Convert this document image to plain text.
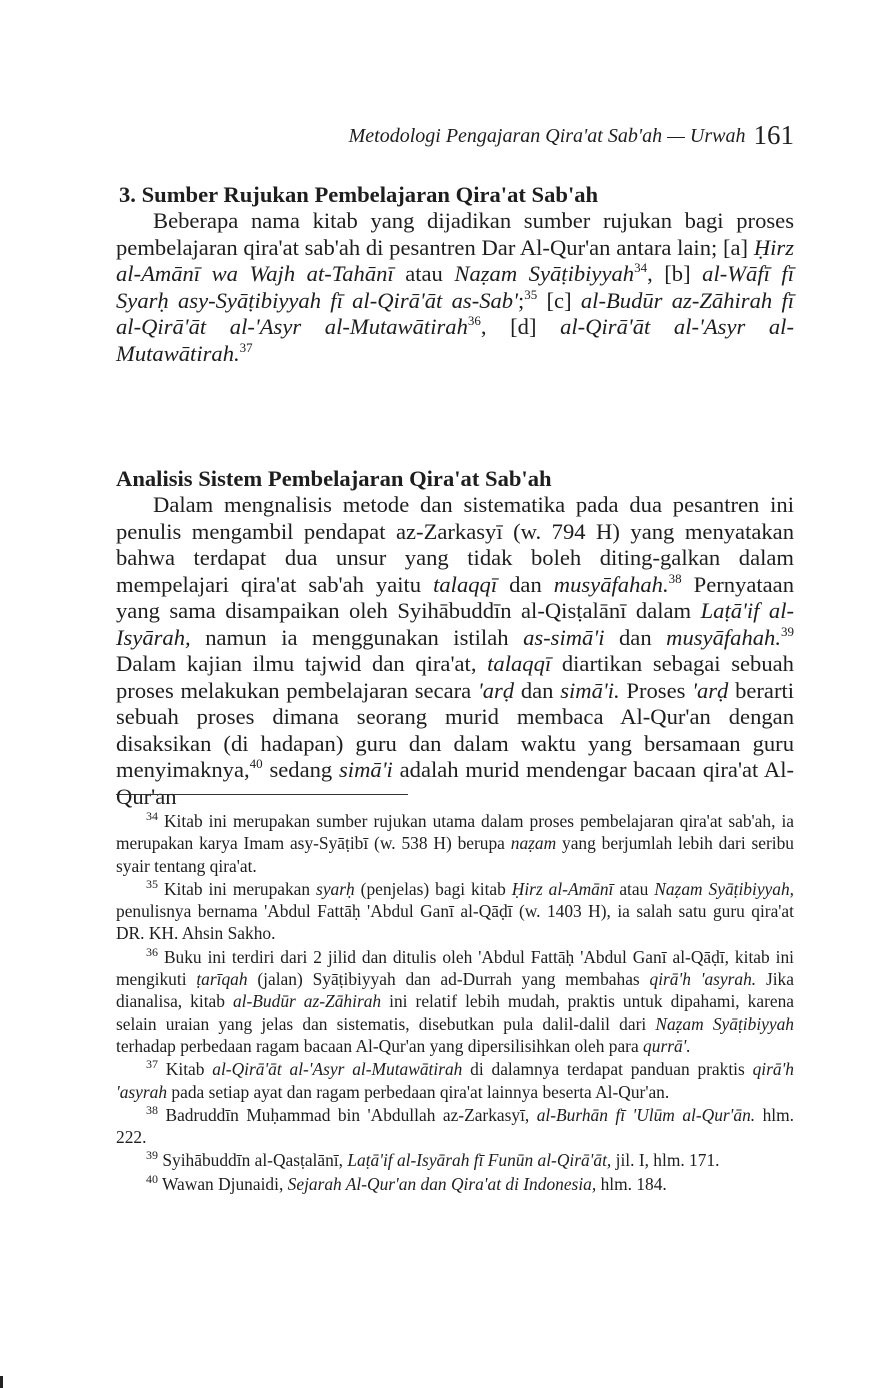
Metodologi Pengajaran Qira'at Sab'ah — Urwah 161

3. Sumber Rujukan Pembelajaran Qira'at Sab'ah

Beberapa nama kitab yang dijadikan sumber rujukan bagi proses pembelajaran qira'at sab'ah di pesantren Dar Al-Qur'an antara lain; [a] Ḥirz al-Amānī wa Wajh at-Tahānī atau Naẓam Syāṭibiyyah$^{34}$, [b] al-Wāfī fī Syarḥ asy-Syāṭibiyyah fī al-Qirā'āt as-Sab';$^{35}$ [c] al-Budūr az-Zāhirah fī al-Qirā'āt al-'Asyr al-Mutawātirah$^{36}$, [d] al-Qirā'āt al-'Asyr al-Mutawātirah.$^{37}$

Analisis Sistem Pembelajaran Qira'at Sab'ah

Dalam mengnalisis metode dan sistematika pada dua pesantren ini penulis mengambil pendapat az-Zarkasyī (w. 794 H) yang menyatakan bahwa terdapat dua unsur yang tidak boleh diting-galkan dalam mempelajari qira'at sab'ah yaitu talaqqī dan musyāfahah.$^{38}$ Pernyataan yang sama disampaikan oleh Syihābuddīn al-Qisṭalānī dalam Laṭā'if al-Isyārah, namun ia menggunakan istilah as-simā'i dan musyāfahah.$^{39}$ Dalam kajian ilmu tajwid dan qira'at, talaqqī diartikan sebagai sebuah proses melakukan pembelajaran secara 'arḍ dan simā'i. Proses 'arḍ berarti sebuah proses dimana seorang murid membaca Al-Qur'an dengan disaksikan (di hadapan) guru dan dalam waktu yang bersamaan guru menyimaknya,$^{40}$ sedang simā'i adalah murid mendengar bacaan qira'at Al-Qur'an

$^{34}$ Kitab ini merupakan sumber rujukan utama dalam proses pembelajaran qira'at sab'ah, ia merupakan karya Imam asy-Syāṭibī (w. 538 H) berupa naẓam yang berjumlah lebih dari seribu syair tentang qira'at.

$^{35}$ Kitab ini merupakan syarḥ (penjelas) bagi kitab Ḥirz al-Amānī atau Naẓam Syāṭibiyyah, penulisnya bernama 'Abdul Fattāḥ 'Abdul Ganī al-Qāḍī (w. 1403 H), ia salah satu guru qira'at DR. KH. Ahsin Sakho.

$^{36}$ Buku ini terdiri dari 2 jilid dan ditulis oleh 'Abdul Fattāḥ 'Abdul Ganī al-Qāḍī, kitab ini mengikuti ṭarīqah (jalan) Syāṭibiyyah dan ad-Durrah yang membahas qirā'h 'asyrah. Jika dianalisa, kitab al-Budūr az-Zāhirah ini relatif lebih mudah, praktis untuk dipahami, karena selain uraian yang jelas dan sistematis, disebutkan pula dalil-dalil dari Naẓam Syāṭibiyyah terhadap perbedaan ragam bacaan Al-Qur'an yang dipersilisihkan oleh para qurrā'.

$^{37}$ Kitab al-Qirā'āt al-'Asyr al-Mutawātirah di dalamnya terdapat panduan praktis qirā'h 'asyrah pada setiap ayat dan ragam perbedaan qira'at lainnya beserta Al-Qur'an.

$^{38}$ Badruddīn Muḥammad bin 'Abdullah az-Zarkasyī, al-Burhān fī 'Ulūm al-Qur'ān. hlm. 222.

$^{39}$ Syihābuddīn al-Qasṭalānī, Laṭā'if al-Isyārah fī Funūn al-Qirā'āt, jil. I, hlm. 171.

$^{40}$ Wawan Djunaidi, Sejarah Al-Qur'an dan Qira'at di Indonesia, hlm. 184.
